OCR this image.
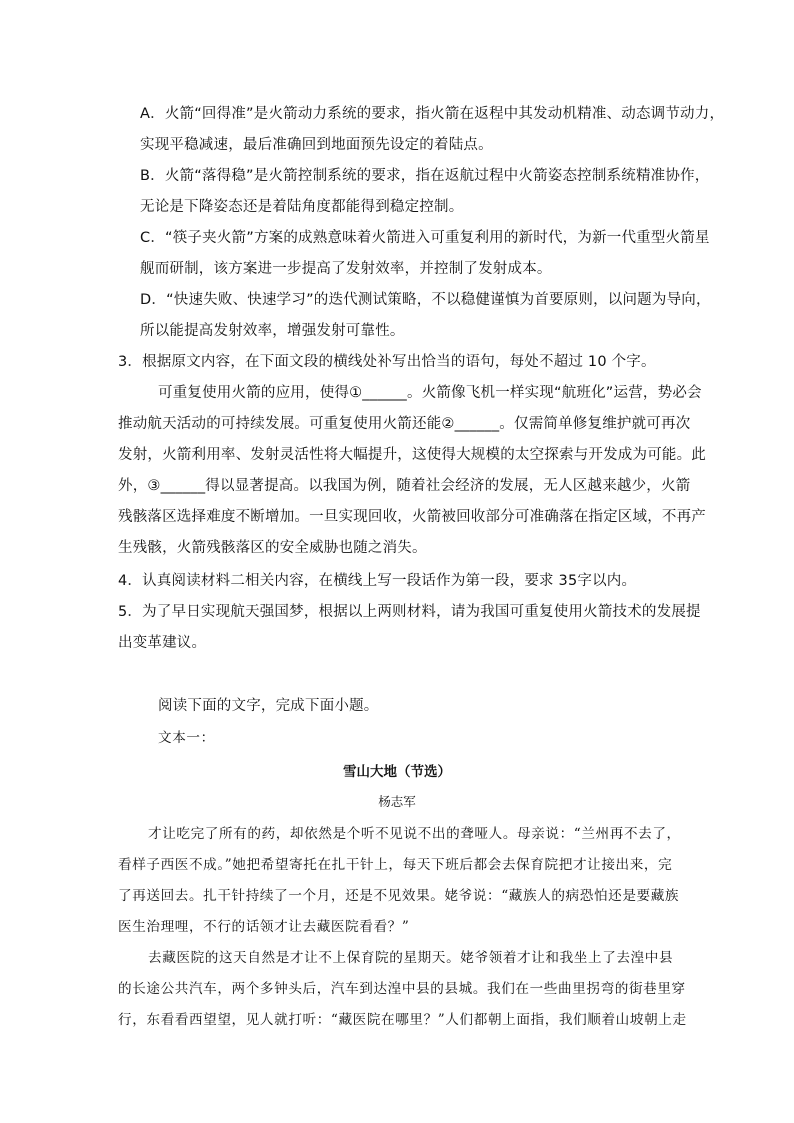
A．火箭“回得准”是火箭动力系统的要求，指火箭在返程中其发动机精准、动态调节动力，
实现平稳减速，最后准确回到地面预先设定的着陆点。
B．火箭“落得稳”是火箭控制系统的要求，指在返航过程中火箭姿态控制系统精准协作，
无论是下降姿态还是着陆角度都能得到稳定控制。
C．“筷子夹火箭”方案的成熟意味着火箭进入可重复利用的新时代，为新一代重型火箭星
舰而研制，该方案进一步提高了发射效率，并控制了发射成本。
D．“快速失败、快速学习”的迭代测试策略，不以稳健谨慎为首要原则，以问题为导向，
所以能提高发射效率，增强发射可靠性。
3．根据原文内容，在下面文段的横线处补写出恰当的语句，每处不超过 10 个字。
可重复使用火箭的应用，使得①______。火箭像飞机一样实现“航班化”运营，势必会
推动航天活动的可持续发展。可重复使用火箭还能②______。仅需简单修复维护就可再次
发射，火箭利用率、发射灵活性将大幅提升，这使得大规模的太空探索与开发成为可能。此
外，③______得以显著提高。以我国为例，随着社会经济的发展，无人区越来越少，火箭
残骸落区选择难度不断增加。一旦实现回收，火箭被回收部分可准确落在指定区域，不再产
生残骸，火箭残骸落区的安全威胁也随之消失。
4．认真阅读材料二相关内容，在横线上写一段话作为第一段，要求 35字以内。
5．为了早日实现航天强国梦，根据以上两则材料，请为我国可重复使用火箭技术的发展提
出变革建议。
阅读下面的文字，完成下面小题。
文本一：
雪山大地（节选）
杨志军
才让吃完了所有的药，却依然是个听不见说不出的聋哑人。母亲说：“兰州再不去了，
看样子西医不成。”她把希望寄托在扎干针上，每天下班后都会去保育院把才让接出来，完
了再送回去。扎干针持续了一个月，还是不见效果。姥爷说：“藏族人的病恐怕还是要藏族
医生治理哩，不行的话领才让去藏医院看看？”
去藏医院的这天自然是才让不上保育院的星期天。姥爷领着才让和我坐上了去湟中县
的长途公共汽车，两个多钟头后，汽车到达湟中县的县城。我们在一些曲里拐弯的街巷里穿
行，东看看西望望，见人就打听：“藏医院在哪里？”人们都朝上面指，我们顺着山坡朝上走
